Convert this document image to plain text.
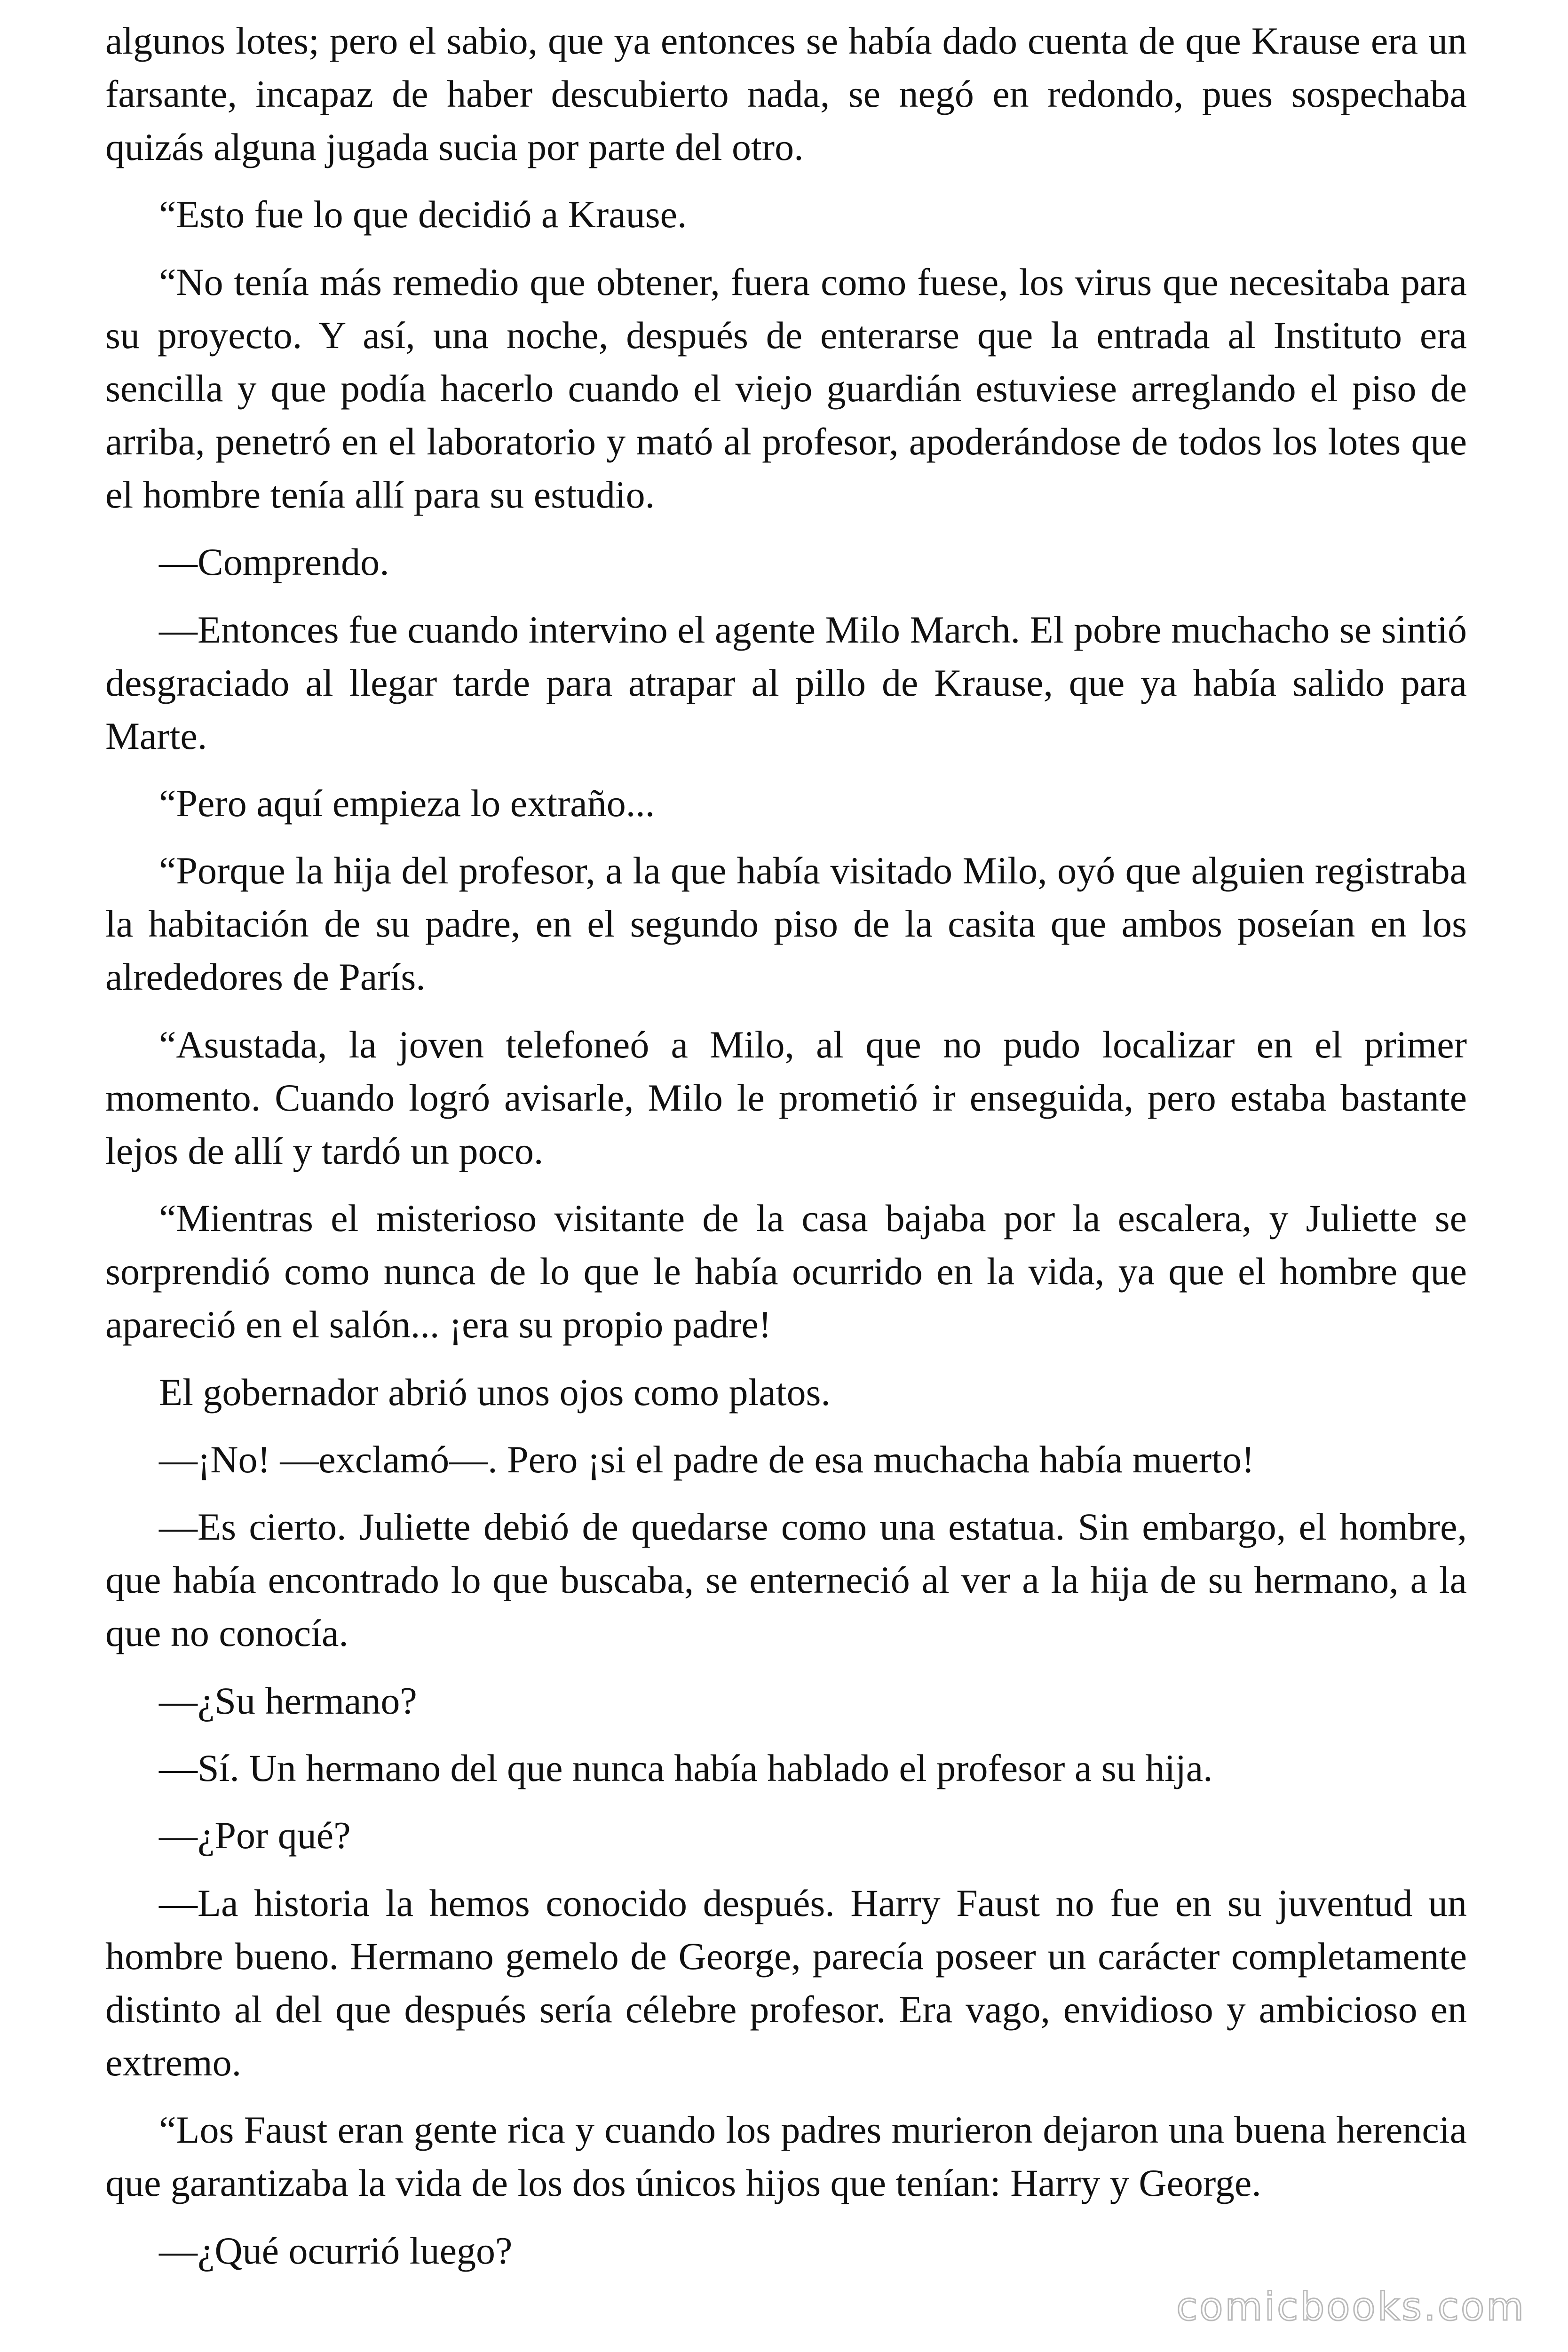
algunos lotes; pero el sabio, que ya entonces se había dado cuenta de que Krause era un farsante, incapaz de haber descubierto nada, se negó en redondo, pues sospechaba quizás alguna jugada sucia por parte del otro.

“Esto fue lo que decidió a Krause.

“No tenía más remedio que obtener, fuera como fuese, los virus que necesitaba para su proyecto. Y así, una noche, después de enterarse que la entrada al Instituto era sencilla y que podía hacerlo cuando el viejo guardián estuviese arreglando el piso de arriba, penetró en el laboratorio y mató al profesor, apoderándose de todos los lotes que el hombre tenía allí para su estudio.

—Comprendo.

—Entonces fue cuando intervino el agente Milo March. El pobre muchacho se sintió desgraciado al llegar tarde para atrapar al pillo de Krause, que ya había salido para Marte.

“Pero aquí empieza lo extraño...

“Porque la hija del profesor, a la que había visitado Milo, oyó que alguien registraba la habitación de su padre, en el segundo piso de la casita que ambos poseían en los alrededores de París.

“Asustada, la joven telefoneó a Milo, al que no pudo localizar en el primer momento. Cuando logró avisarle, Milo le prometió ir enseguida, pero estaba bastante lejos de allí y tardó un poco.

“Mientras el misterioso visitante de la casa bajaba por la escalera, y Juliette se sorprendió como nunca de lo que le había ocurrido en la vida, ya que el hombre que apareció en el salón... ¡era su propio padre!

El gobernador abrió unos ojos como platos.

—¡No! —exclamó—. Pero ¡si el padre de esa muchacha había muerto!

—Es cierto. Juliette debió de quedarse como una estatua. Sin embargo, el hombre, que había encontrado lo que buscaba, se enterneció al ver a la hija de su hermano, a la que no conocía.

—¿Su hermano?

—Sí. Un hermano del que nunca había hablado el profesor a su hija.

—¿Por qué?

—La historia la hemos conocido después. Harry Faust no fue en su juventud un hombre bueno. Hermano gemelo de George, parecía poseer un carácter completamente distinto al del que después sería célebre profesor. Era vago, envidioso y ambicioso en extremo.

“Los Faust eran gente rica y cuando los padres murieron dejaron una buena herencia que garantizaba la vida de los dos únicos hijos que tenían: Harry y George.

—¿Qué ocurrió luego?

comicbooks.com
